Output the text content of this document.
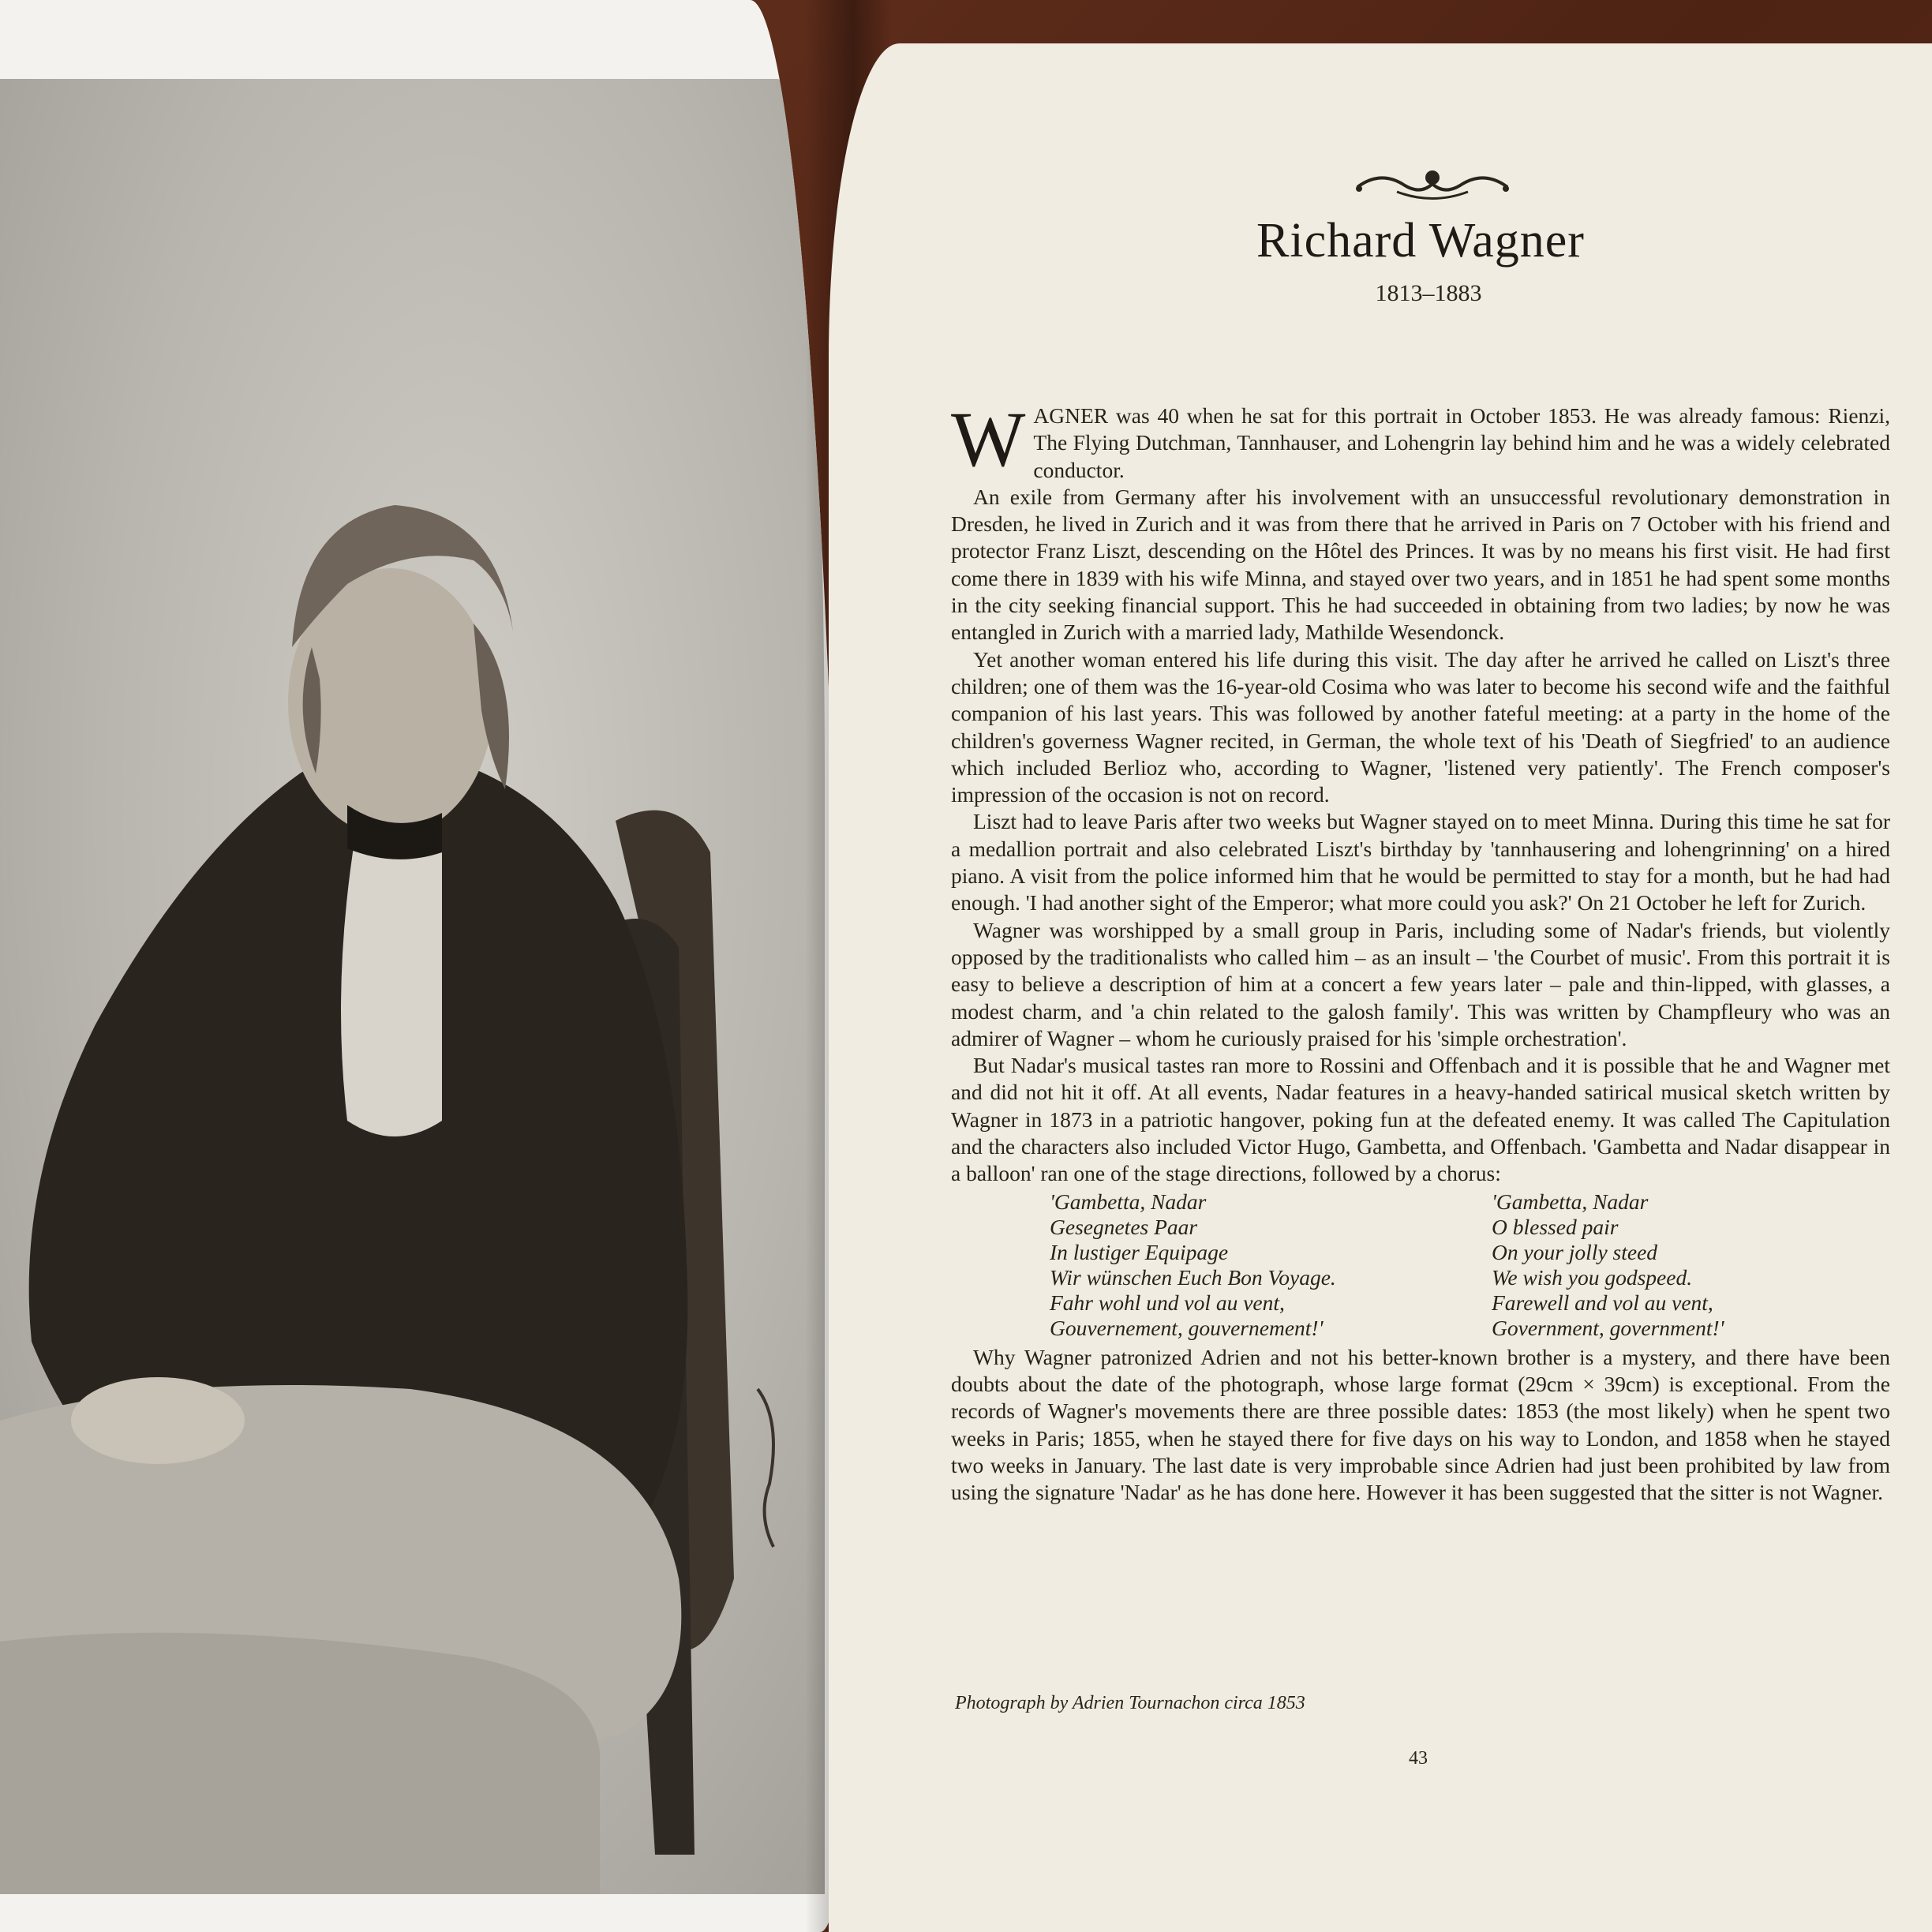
Richard Wagner
1813–1883

WAGNER was 40 when he sat for this portrait in October 1853. He was already famous: Rienzi, The Flying Dutchman, Tannhauser, and Lohengrin lay behind him and he was a widely celebrated conductor.

An exile from Germany after his involvement with an unsuccessful revolutionary demonstration in Dresden, he lived in Zurich and it was from there that he arrived in Paris on 7 October with his friend and protector Franz Liszt, descending on the Hôtel des Princes. It was by no means his first visit. He had first come there in 1839 with his wife Minna, and stayed over two years, and in 1851 he had spent some months in the city seeking financial support. This he had succeeded in obtaining from two ladies; by now he was entangled in Zurich with a married lady, Mathilde Wesendonck.

Yet another woman entered his life during this visit. The day after he arrived he called on Liszt's three children; one of them was the 16-year-old Cosima who was later to become his second wife and the faithful companion of his last years. This was followed by another fateful meeting: at a party in the home of the children's governess Wagner recited, in German, the whole text of his 'Death of Siegfried' to an audience which included Berlioz who, according to Wagner, 'listened very patiently'. The French composer's impression of the occasion is not on record.

Liszt had to leave Paris after two weeks but Wagner stayed on to meet Minna. During this time he sat for a medallion portrait and also celebrated Liszt's birthday by 'tannhausering and lohengrinning' on a hired piano. A visit from the police informed him that he would be permitted to stay for a month, but he had had enough. 'I had another sight of the Emperor; what more could you ask?' On 21 October he left for Zurich.

Wagner was worshipped by a small group in Paris, including some of Nadar's friends, but violently opposed by the traditionalists who called him – as an insult – 'the Courbet of music'. From this portrait it is easy to believe a description of him at a concert a few years later – pale and thin-lipped, with glasses, a modest charm, and 'a chin related to the galosh family'. This was written by Champfleury who was an admirer of Wagner – whom he curiously praised for his 'simple orchestration'.

But Nadar's musical tastes ran more to Rossini and Offenbach and it is possible that he and Wagner met and did not hit it off. At all events, Nadar features in a heavy-handed satirical musical sketch written by Wagner in 1873 in a patriotic hangover, poking fun at the defeated enemy. It was called The Capitulation and the characters also included Victor Hugo, Gambetta, and Offenbach. 'Gambetta and Nadar disappear in a balloon' ran one of the stage directions, followed by a chorus:

'Gambetta, Nadar
Gesegnetes Paar
In lustiger Equipage
Wir wünschen Euch Bon Voyage.
Fahr wohl und vol au vent,
Gouvernement, gouvernement!'
'Gambetta, Nadar
O blessed pair
On your jolly steed
We wish you godspeed.
Farewell and vol au vent,
Government, government!'

Why Wagner patronized Adrien and not his better-known brother is a mystery, and there have been doubts about the date of the photograph, whose large format (29cm × 39cm) is exceptional. From the records of Wagner's movements there are three possible dates: 1853 (the most likely) when he spent two weeks in Paris; 1855, when he stayed there for five days on his way to London, and 1858 when he stayed two weeks in January. The last date is very improbable since Adrien had just been prohibited by law from using the signature 'Nadar' as he has done here. However it has been suggested that the sitter is not Wagner.

Photograph by Adrien Tournachon circa 1853
43
